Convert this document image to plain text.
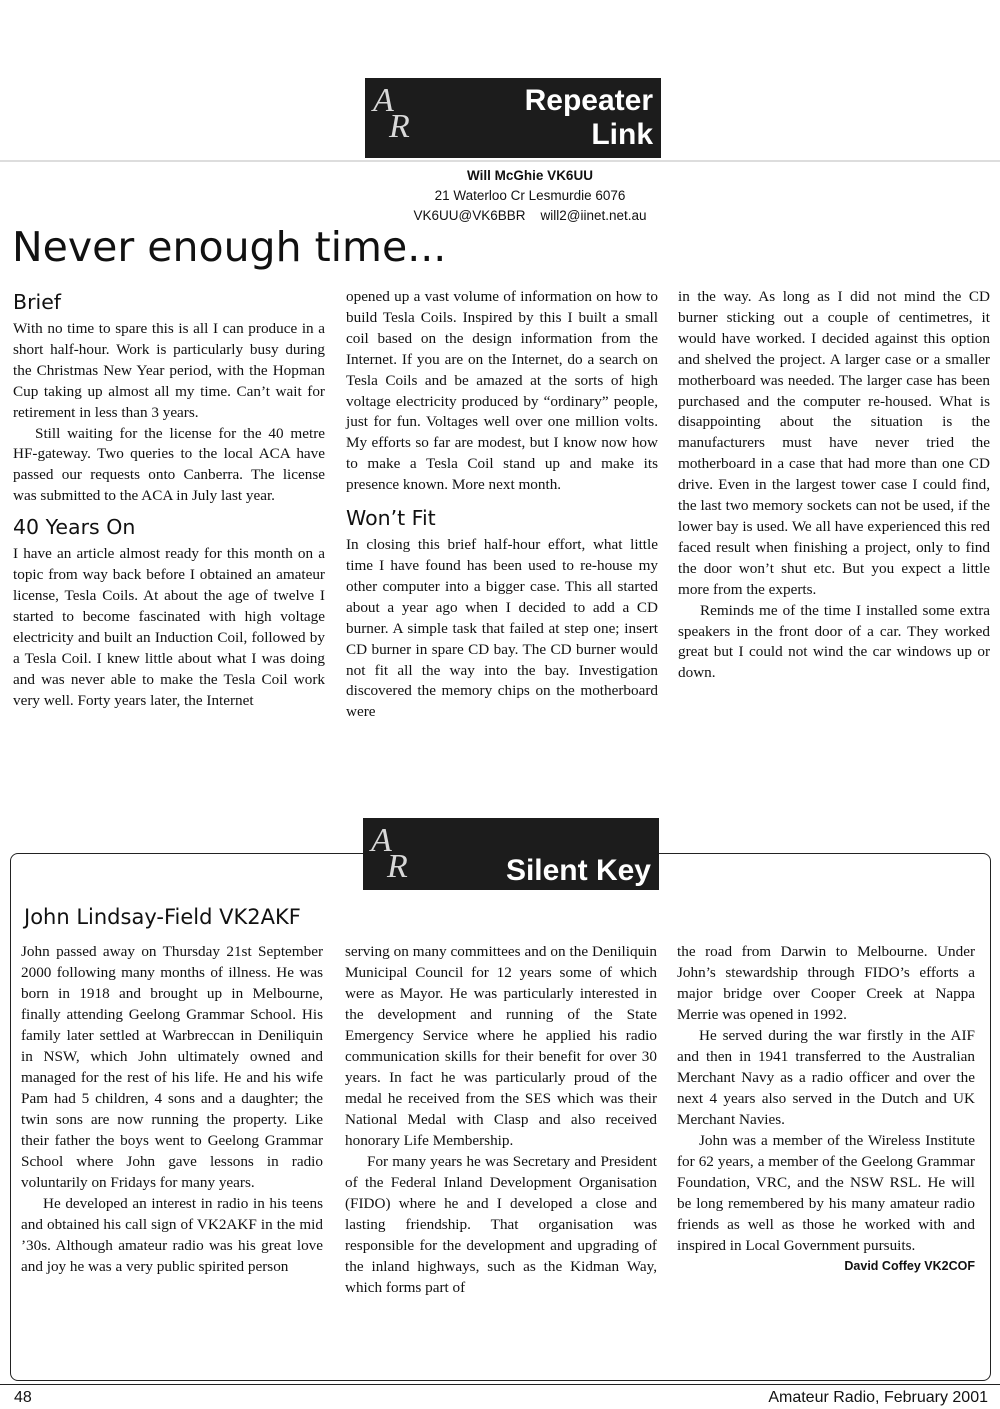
A
R
Repeater
Link
Will McGhie VK6UU
21 Waterloo Cr Lesmurdie 6076
VK6UU@VK6BBR    will2@iinet.net.au
Never enough time...
Brief

With no time to spare this is all I can produce in a short half-hour. Work is particularly busy during the Christmas New Year period, with the Hopman Cup taking up almost all my time. Can’t wait for retirement in less than 3 years.

Still waiting for the license for the 40 metre HF-gateway. Two queries to the local ACA have passed our requests onto Canberra. The license was submitted to the ACA in July last year.

40 Years On

I have an article almost ready for this month on a topic from way back before I obtained an amateur license, Tesla Coils. At about the age of twelve I started to become fascinated with high voltage electricity and built an Induction Coil, followed by a Tesla Coil. I knew little about what I was doing and was never able to make the Tesla Coil work very well. Forty years later, the Internet

opened up a vast volume of information on how to build Tesla Coils. Inspired by this I built a small coil based on the design information from the Internet. If you are on the Internet, do a search on Tesla Coils and be amazed at the sorts of high voltage electricity produced by “ordinary” people, just for fun. Voltages well over one million volts. My efforts so far are modest, but I know now how to make a Tesla Coil stand up and make its presence known. More next month.

Won’t Fit

In closing this brief half-hour effort, what little time I have found has been used to re-house my other computer into a bigger case. This all started about a year ago when I decided to add a CD burner. A simple task that failed at step one; insert CD burner in spare CD bay. The CD burner would not fit all the way into the bay. Investigation discovered the memory chips on the motherboard were

in the way. As long as I did not mind the CD burner sticking out a couple of centimetres, it would have worked. I decided against this option and shelved the project. A larger case or a smaller motherboard was needed. The larger case has been purchased and the computer re-housed. What is disappointing about the situation is the manufacturers must have never tried the motherboard in a case that had more than one CD drive. Even in the largest tower case I could find, the last two memory sockets can not be used, if the lower bay is used. We all have experienced this red faced result when finishing a project, only to find the door won’t shut etc. But you expect a little more from the experts.

Reminds me of the time I installed some extra speakers in the front door of a car. They worked great but I could not wind the car windows up or down.

A
R	Silent Key
John Lindsay-Field VK2AKF

John passed away on Thursday 21st September 2000 following many months of illness. He was born in 1918 and brought up in Melbourne, finally attending Geelong Grammar School. His family later settled at Warbreccan in Deniliquin in NSW, which John ultimately owned and managed for the rest of his life. He and his wife Pam had 5 children, 4 sons and a daughter; the twin sons are now running the property. Like their father the boys went to Geelong Grammar School where John gave lessons in radio voluntarily on Fridays for many years.

He developed an interest in radio in his teens and obtained his call sign of VK2AKF in the mid ’30s. Although amateur radio was his great love and joy he was a very public spirited person

serving on many committees and on the Deniliquin Municipal Council for 12 years some of which were as Mayor. He was particularly interested in the development and running of the State Emergency Service where he applied his radio communication skills for their benefit for over 30 years. In fact he was particularly proud of the medal he received from the SES which was their National Medal with Clasp and also received honorary Life Membership.

For many years he was Secretary and President of the Federal Inland Development Organisation (FIDO) where he and I developed a close and lasting friendship. That organisation was responsible for the development and upgrading of the inland highways, such as the Kidman Way, which forms part of

the road from Darwin to Melbourne. Under John’s stewardship through FIDO’s efforts a major bridge over Cooper Creek at Nappa Merrie was opened in 1992.

He served during the war firstly in the AIF and then in 1941 transferred to the Australian Merchant Navy as a radio officer and over the next 4 years also served in the Dutch and UK Merchant Navies.

John was a member of the Wireless Institute for 62 years, a member of the Geelong Grammar Foundation, VRC, and the NSW RSL. He will be long remembered by his many amateur radio friends as well as those he worked with and inspired in Local Government pursuits.

David Coffey VK2COF
48	Amateur Radio, February 2001
